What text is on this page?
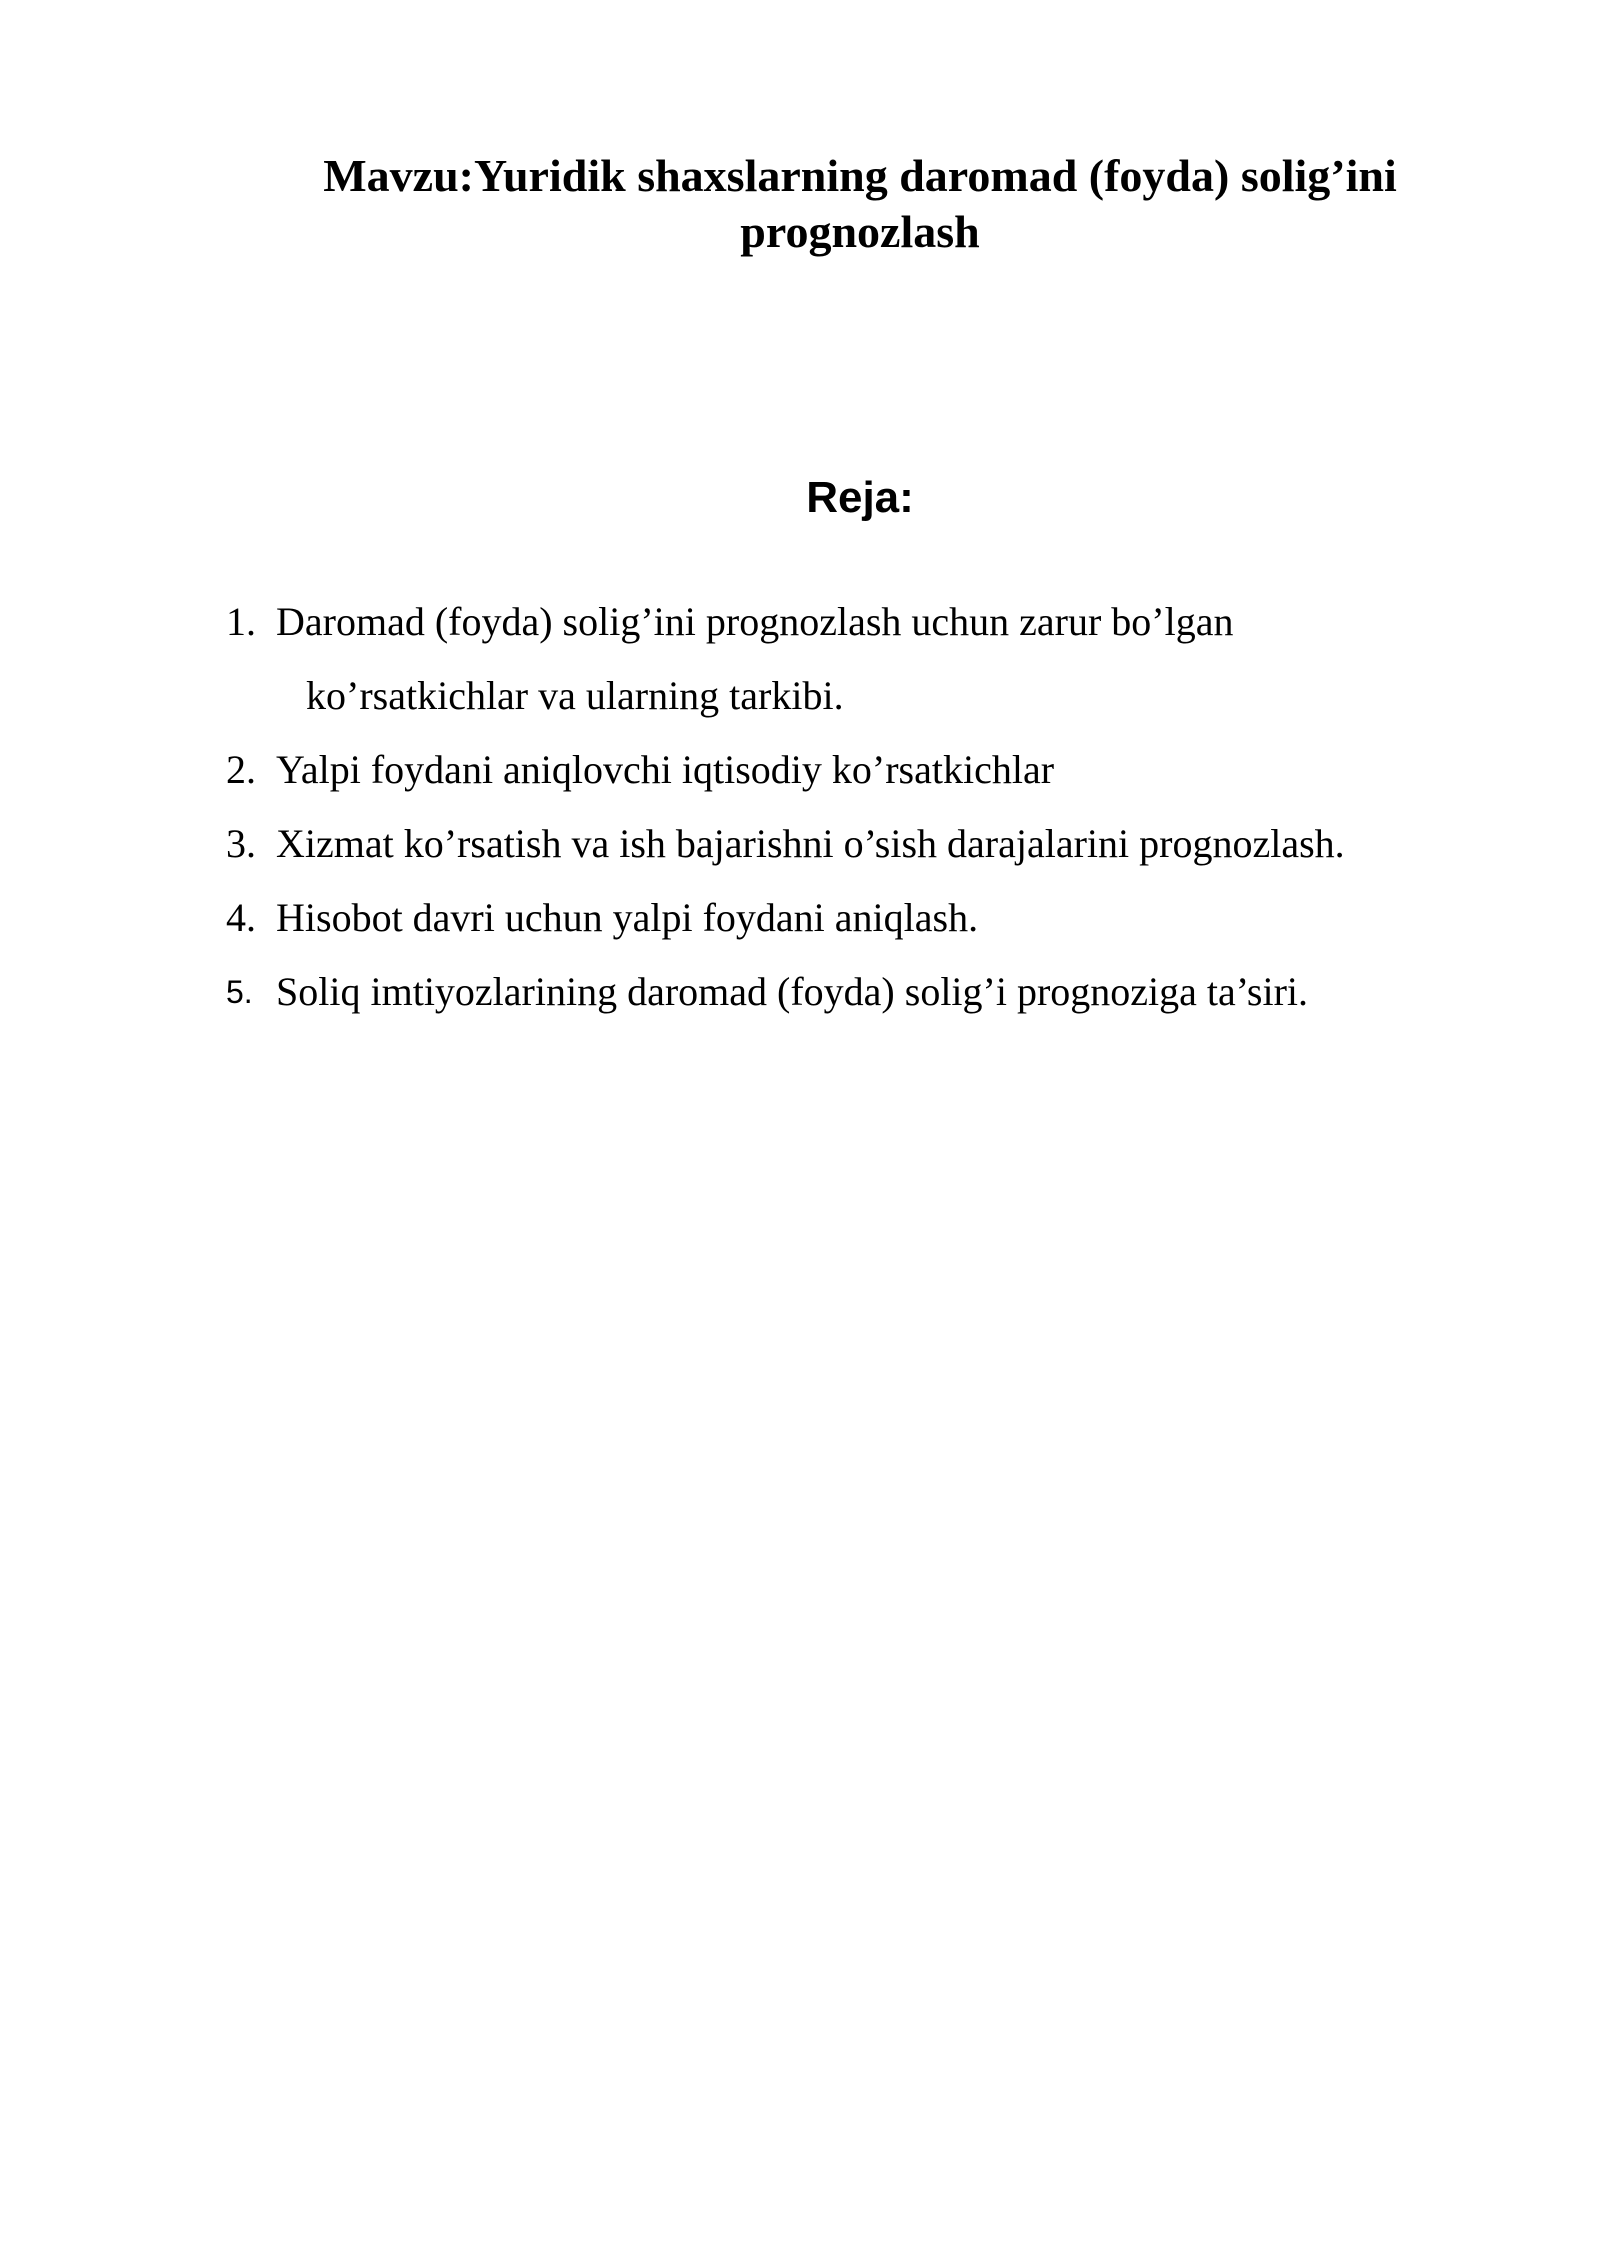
Mavzu:Yuridik shaxslarning daromad (foyda) solig’ini
prognozlash
Reja:
1. Daromad (foyda) solig’ini prognozlash uchun zarur bo’lgan
ko’rsatkichlar va ularning tarkibi.
2. Yalpi foydani aniqlovchi iqtisodiy ko’rsatkichlar
3. Xizmat ko’rsatish va ish bajarishni o’sish darajalarini prognozlash.
4. Hisobot davri uchun yalpi foydani aniqlash.
5. Soliq imtiyozlarining daromad (foyda) solig’i prognoziga ta’siri.
